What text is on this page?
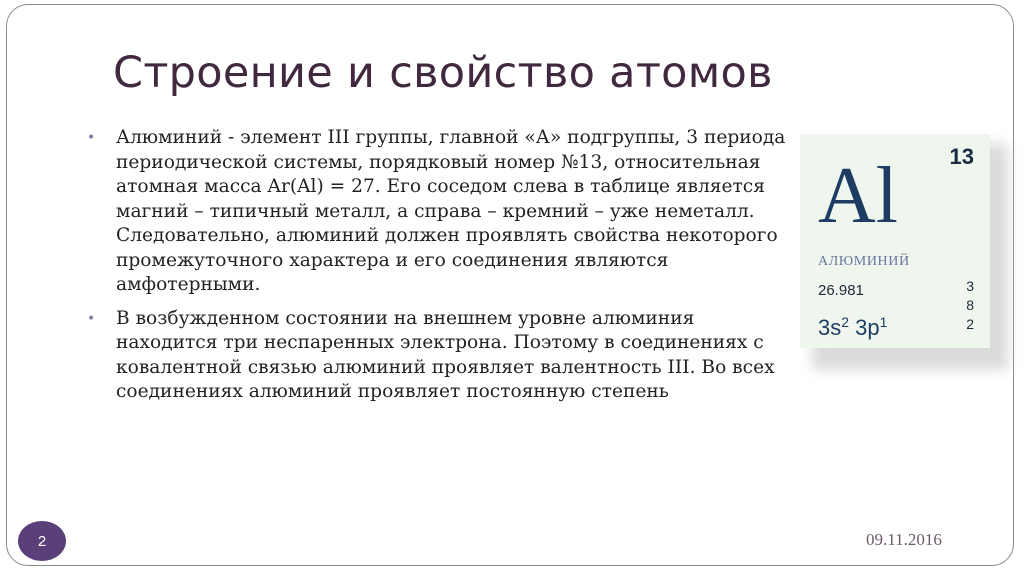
Строение и свойство атомов
• Алюминий - элемент III группы, главной «А» подгруппы, 3 периода периодической системы, порядковый номер №13, относительная атомная масса Ar(Al) = 27. Его соседом слева в таблице является магний – типичный металл, а справа – кремний – уже неметалл. Следовательно, алюминий должен проявлять свойства некоторого промежуточного характера и его соединения являются амфотерными.
• В возбужденном состоянии на внешнем уровне алюминия находится три неспаренных электрона. Поэтому в соединениях с ковалентной связью алюминий проявляет валентность III. Во всех соединениях алюминий проявляет постоянную степень
13
Al
АЛЮМИНИЙ
26.981
$3s^2$ $3p^1$
3
8
2
2	09.11.2016
